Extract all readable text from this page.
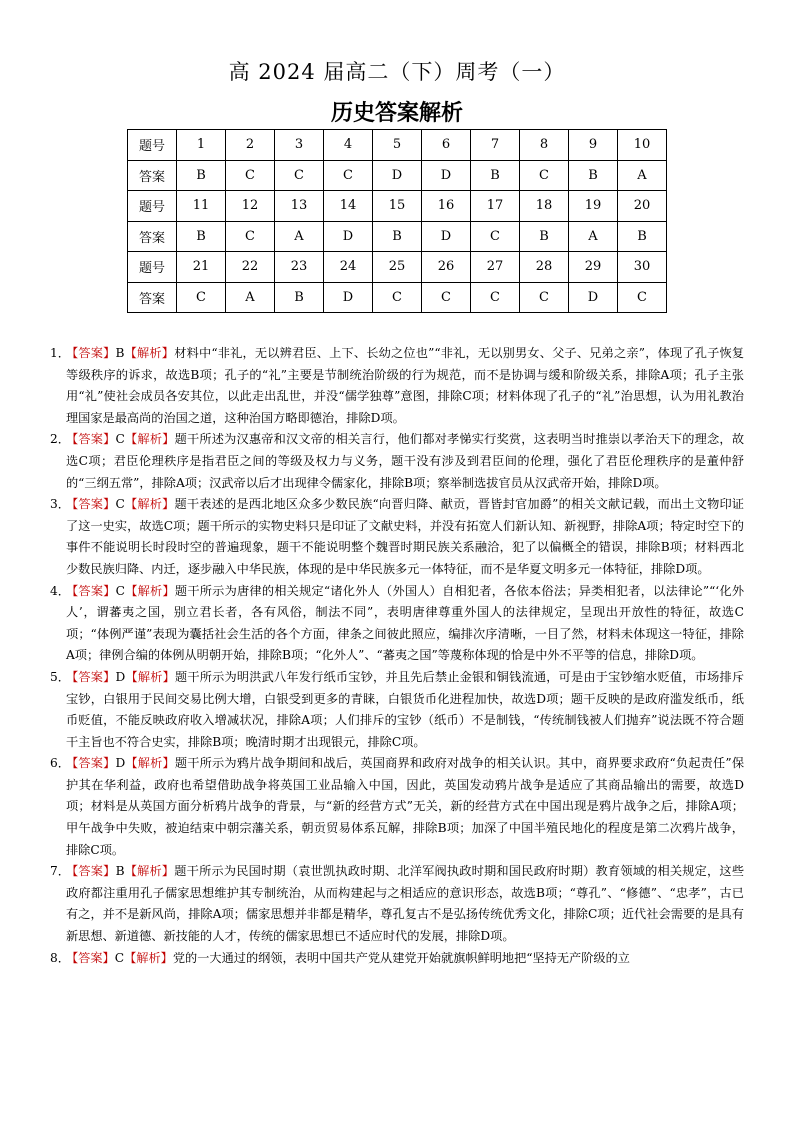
高 2024 届高二（下）周考（一）
历史答案解析
题号	1	2	3	4	5	6	7	8	9	10
答案	B	C	C	C	D	D	B	C	B	A
题号	11	12	13	14	15	16	17	18	19	20
答案	B	C	A	D	B	D	C	B	A	B
题号	21	22	23	24	25	26	27	28	29	30
答案	C	A	B	D	C	C	C	C	D	C
1．
【答案】B【解析】材料中“非礼，无以辨君臣、上下、长幼之位也”“非礼，无以别男女、父子、兄弟之亲”，体现了孔子恢复等级秩序的诉求，故选B项；孔子的“礼”主要是节制统治阶级的行为规范，而不是协调与缓和阶级关系，排除A项；孔子主张用“礼”使社会成员各安其位，以此走出乱世，并没“儒学独尊”意图，排除C项；材料体现了孔子的“礼”治思想，认为用礼教治理国家是最高尚的治国之道，这种治国方略即德治，排除D项。
2．
【答案】C【解析】题干所述为汉惠帝和汉文帝的相关言行，他们都对孝悌实行奖赏，这表明当时推崇以孝治天下的理念，故选C项；君臣伦理秩序是指君臣之间的等级及权力与义务，题干没有涉及到君臣间的伦理，强化了君臣伦理秩序的是董仲舒的“三纲五常”，排除A项；汉武帝以后才出现律令儒家化，排除B项；察举制选拔官员从汉武帝开始，排除D项。
3．
【答案】C【解析】题干表述的是西北地区众多少数民族“向晋归降、献贡，晋皆封官加爵”的相关文献记载，而出土文物印证了这一史实，故选C项；题干所示的实物史料只是印证了文献史料，并没有拓宽人们新认知、新视野，排除A项；特定时空下的事件不能说明长时段时空的普遍现象，题干不能说明整个魏晋时期民族关系融洽，犯了以偏概全的错误，排除B项；材料西北少数民族归降、内迁，逐步融入中华民族，体现的是中华民族多元一体特征，而不是华夏文明多元一体特征，排除D项。
4．
【答案】C【解析】题干所示为唐律的相关规定“诸化外人（外国人）自相犯者，各依本俗法；异类相犯者，以法律论”“‘化外人’，谓蕃夷之国，别立君长者，各有风俗，制法不同”，表明唐律尊重外国人的法律规定，呈现出开放性的特征，故选C项；“体例严谨”表现为囊括社会生活的各个方面，律条之间彼此照应，编排次序清晰，一目了然，材料未体现这一特征，排除A项；律例合编的体例从明朝开始，排除B项；“化外人”、“蕃夷之国”等蔑称体现的恰是中外不平等的信息，排除D项。
5．
【答案】D【解析】题干所示为明洪武八年发行纸币宝钞，并且先后禁止金银和铜钱流通，可是由于宝钞缩水贬值，市场排斥宝钞，白银用于民间交易比例大增，白银受到更多的青睐，白银货币化进程加快，故选D项；题干反映的是政府滥发纸币，纸币贬值，不能反映政府收入增减状况，排除A项；人们排斥的宝钞（纸币）不是制钱，“传统制钱被人们抛弃”说法既不符合题干主旨也不符合史实，排除B项；晚清时期才出现银元，排除C项。
6．
【答案】D【解析】题干所示为鸦片战争期间和战后，英国商界和政府对战争的相关认识。其中，商界要求政府“负起责任”保护其在华利益，政府也希望借助战争将英国工业品输入中国，因此，英国发动鸦片战争是适应了其商品输出的需要，故选D项；材料是从英国方面分析鸦片战争的背景，与“新的经营方式”无关，新的经营方式在中国出现是鸦片战争之后，排除A项；甲午战争中失败，被迫结束中朝宗藩关系，朝贡贸易体系瓦解，排除B项；加深了中国半殖民地化的程度是第二次鸦片战争，排除C项。
7．
【答案】B【解析】题干所示为民国时期（袁世凯执政时期、北洋军阀执政时期和国民政府时期）教育领域的相关规定，这些政府都注重用孔子儒家思想维护其专制统治，从而构建起与之相适应的意识形态，故选B项；“尊孔”、“修德”、“忠孝”，古已有之，并不是新风尚，排除A项；儒家思想并非都是精华，尊孔复古不是弘扬传统优秀文化，排除C项；近代社会需要的是具有新思想、新道德、新技能的人才，传统的儒家思想已不适应时代的发展，排除D项。
8．
【答案】C【解析】党的一大通过的纲领，表明中国共产党从建党开始就旗帜鲜明地把“坚持无产阶级的立
